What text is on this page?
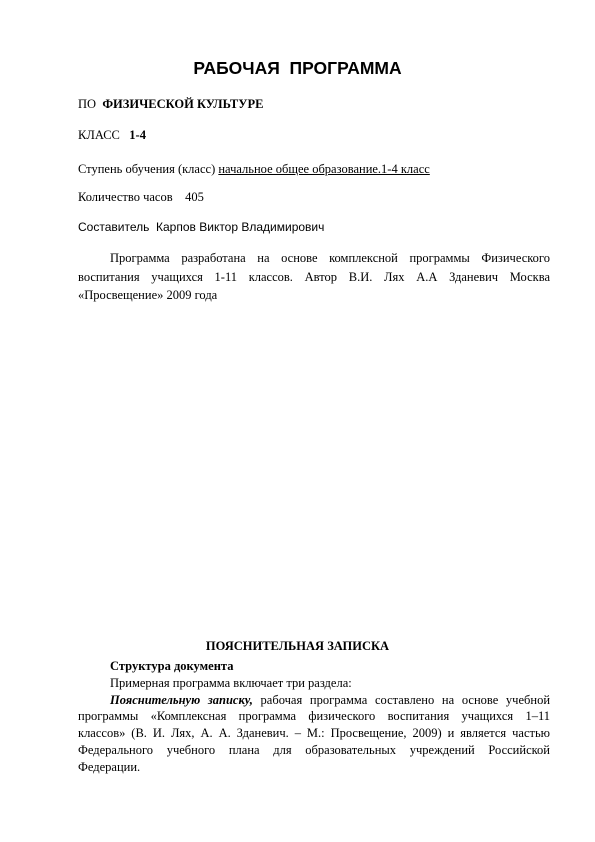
РАБОЧАЯ  ПРОГРАММА
ПО  ФИЗИЧЕСКОЙ КУЛЬТУРЕ
КЛАСС   1-4
Ступень обучения (класс) начальное общее образование.1-4 класс
Количество часов    405
Составитель  Карпов Виктор Владимирович
Программа разработана на основе комплексной программы Физического
воспитания учащихся 1-11 классов. Автор В.И. Лях А.А Зданевич Москва
«Просвещение» 2009 года
ПОЯСНИТЕЛЬНАЯ ЗАПИСКА
Структура документа
Примерная программа включает три раздела:
Пояснительную записку, рабочая программа составлено на основе учебной
программы «Комплексная программа физического воспитания учащихся 1–11
классов» (В. И. Лях, А. А. Зданевич. – М.: Просвещение, 2009) и является частью
Федерального учебного плана для образовательных учреждений Российской
Федерации.
